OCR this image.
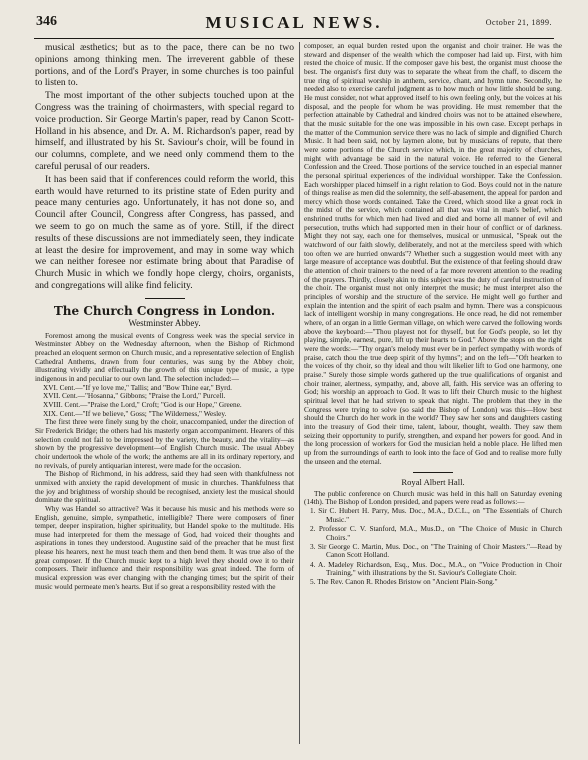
346	MUSICAL NEWS.	October 21, 1899.

musical æsthetics; but as to the pace, there can be no two opinions among thinking men. The irreverent gabble of these portions, and of the Lord's Prayer, in some churches is too painful to listen to.

The most important of the other subjects touched upon at the Congress was the training of choirmasters, with special regard to voice production. Sir George Martin's paper, read by Canon Scott-Holland in his absence, and Dr. A. M. Richardson's paper, read by himself, and illustrated by his St. Saviour's choir, will be found in our columns, complete, and we need only commend them to the careful perusal of our readers.

It has been said that if conferences could reform the world, this earth would have returned to its pristine state of Eden purity and peace many centuries ago. Unfortunately, it has not done so, and Council after Council, Congress after Congress, has passed, and we seem to go on much the same as of yore. Still, if the direct results of these discussions are not immediately seen, they indicate at least the desire for improvement, and may in some way which we can neither foresee nor estimate bring about that Paradise of Church Music in which we fondly hope clergy, choirs, organists, and congregations will alike find felicity.

The Church Congress in London.
Westminster Abbey.

Foremost among the musical events of Congress week was the special service in Westminster Abbey on the Wednesday afternoon, when the Bishop of Richmond preached an eloquent sermon on Church music, and a representative selection of English Cathedral Anthems, drawn from four centuries, was sung by the Abbey choir, illustrating vividly and effectually the growth of this unique type of music, a type indigenous in and peculiar to our own land. The selection included:—

XVI. Cent.—"If ye love me," Tallis; and "Bow Thine ear," Byrd.
XVII. Cent.—"Hosanna," Gibbons; "Praise the Lord," Purcell.
XVIII. Cent.—"Praise the Lord," Croft; "God is our Hope," Greene.
XIX. Cent.—"If we believe," Goss; "The Wilderness," Wesley.

The first three were finely sung by the choir, unaccompanied, under the direction of Sir Frederick Bridge; the others had his masterly organ accompaniment. Hearers of this selection could not fail to be impressed by the variety, the beauty, and the vitality—as shown by the progressive development—of English Church music. The usual Abbey choir undertook the whole of the work; the anthems are all in its ordinary repertory, and no revivals, of purely antiquarian interest, were made for the occasion.

The Bishop of Richmond, in his address, said they had seen with thankfulness not unmixed with anxiety the rapid development of music in churches. Thankfulness that the joy and brightness of worship should be recognised, anxiety lest the musical should dominate the spiritual.

Why was Handel so attractive? Was it because his music and his methods were so English, genuine, simple, sympathetic, intelligible? There were composers of finer temper, deeper inspiration, higher spirituality, but Handel spoke to the multitude. His muse had interpreted for them the message of God, had voiced their thoughts and aspirations in tones they understood. Augustine said of the preacher that he must first please his hearers, next he must teach them and then bend them. It was true also of the great composer. If the Church music kept to a high level they should owe it to their composers. Their influence and their responsibility was great indeed. The form of musical expression was ever changing with the changing times; but the spirit of their music would permeate men's hearts. But if so great a responsibility rested with the

composer, an equal burden rested upon the organist and choir trainer. He was the steward and dispenser of the wealth which the composer had laid up. First, with him rested the choice of music. If the composer gave his best, the organist must choose the best. The organist's first duty was to separate the wheat from the chaff, to discern the true ring of spiritual worship in anthem, service, chant, and hymn tune. Secondly, he needed also to exercise careful judgment as to how much or how little should be sung. He must consider, not what approved itself to his own feeling only, but the voices at his disposal, and the people for whom he was providing. He must remember that the perfection attainable by Cathedral and kindred choirs was not to be attained elsewhere, that the music suitable for the one was impossible in his own case. Except perhaps in the matter of the Communion service there was no lack of simple and dignified Church Music. It had been said, not by laymen alone, but by musicians of repute, that there were some portions of the Church service which, in the great majority of churches, might with advantage be said in the natural voice. He referred to the General Confession and the Creed. Those portions of the service touched in an especial manner the personal spiritual experiences of the individual worshipper. Take the Confession. Each worshipper placed himself in a right relation to God. Boys could not in the nature of things realise as men did the solemnity, the self-abasement, the appeal for pardon and mercy which those words contained. Take the Creed, which stood like a great rock in the midst of the service, which contained all that was vital in man's belief, which enshrined truths for which men had lived and died and borne all manner of evil and persecution, truths which had supported men in their hour of conflict or of darkness. Might they not say, each one for themselves, musical or unmusical, "Speak out the watchword of our faith slowly, deliberately, and not at the merciless speed with which too often we are hurried onwards"? Whether such a suggestion would meet with any large measure of acceptance was doubtful. But the existence of that feeling should draw the attention of choir trainers to the need of a far more reverent attention to the reading of the prayers. Thirdly, closely akin to this subject was the duty of careful instruction of the choir. The organist must not only interpret the music; he must interpret also the principles of worship and the structure of the service. He might well go further and explain the intention and the spirit of each psalm and hymn. There was a conspicuous lack of intelligent worship in many congregations. He once read, he did not remember where, of an organ in a little German village, on which were carved the following words above the keyboard:—"Thou playest not for thyself, but for God's people, so let thy playing, simple, earnest, pure, lift up their hearts to God." Above the stops on the right were the words:—"Thy organ's melody must ever be in perfect sympathy with words of praise, catch thou the true deep spirit of thy hymns"; and on the left—"Oft hearken to the voices of thy choir, so thy ideal and thou wilt likelier lift to God one harmony, one praise." Surely those simple words gathered up the true qualifications of organist and choir trainer, alertness, sympathy, and, above all, faith. His service was an offering to God; his worship an approach to God. It was to lift their Church music to the highest spiritual level that he had striven to speak that night. The problem that they in the Congress were trying to solve (so said the Bishop of London) was this—How best should the Church do her work in the world? They saw her sons and daughters casting into the treasury of God their time, talent, labour, thought, wealth. They saw them seizing their opportunity to purify, strengthen, and expand her powers for good. And in the long procession of workers for God the musician held a noble place. He lifted men up from the surroundings of earth to look into the face of God and to realise more fully the unseen and the eternal.

Royal Albert Hall.

The public conference on Church music was held in this hall on Saturday evening (14th). The Bishop of London presided, and papers were read as follows:—

1. Sir C. Hubert H. Parry, Mus. Doc., M.A., D.C.L., on "The Essentials of Church Music."
2. Professor C. V. Stanford, M.A., Mus.D., on "The Choice of Music in Church Choirs."
3. Sir George C. Martin, Mus. Doc., on "The Training of Choir Masters."—Read by Canon Scott Holland.
4. A. Madeley Richardson, Esq., Mus. Doc., M.A., on "Voice Production in Choir Training," with illustrations by the St. Saviour's Collegiate Choir.
5. The Rev. Canon R. Rhodes Bristow on "Ancient Plain-Song."
